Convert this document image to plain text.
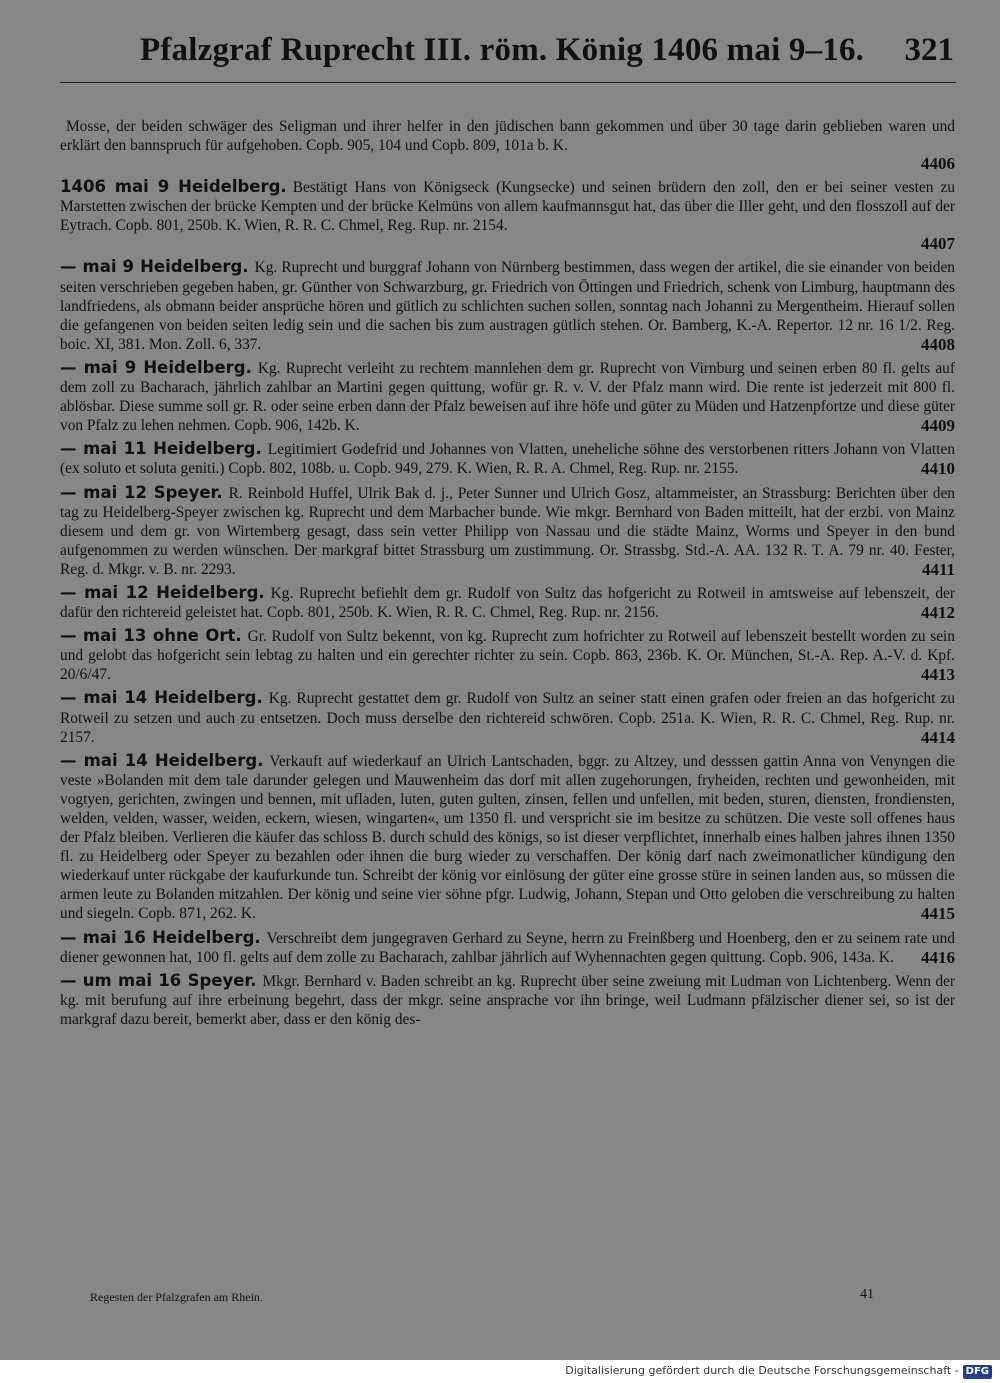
Pfalzgraf Ruprecht III. röm. König 1406 mai 9–16. 321

Mosse, der beiden schwäger des Seligman und ihrer helfer in den jüdischen bann gekommen und über 30 tage darin geblieben waren und erklärt den bannspruch für aufgehoben. Copb. 905, 104 und Copb. 809, 101a b. K.

4406

1406 mai 9 Heidelberg. Bestätigt Hans von Königseck (Kungsecke) und seinen brüdern den zoll, den er bei seiner vesten zu Marstetten zwischen der brücke Kempten und der brücke Kelmüns von allem kaufmannsgut hat, das über die Iller geht, und den flosszoll auf der Eytrach. Copb. 801, 250b. K. Wien, R. R. C. Chmel, Reg. Rup. nr. 2154.

4407

— mai 9 Heidelberg. Kg. Ruprecht und burggraf Johann von Nürnberg bestimmen, dass wegen der artikel, die sie einander von beiden seiten verschrieben gegeben haben, gr. Günther von Schwarzburg, gr. Friedrich von Öttingen und Friedrich, schenk von Limburg, hauptmann des landfriedens, als obmann beider ansprüche hören und gütlich zu schlichten suchen sollen, sonntag nach Johanni zu Mergentheim. Hierauf sollen die gefangenen von beiden seiten ledig sein und die sachen bis zum austragen gütlich stehen. Or. Bamberg, K.-A. Repertor. 12 nr. 16 1/2. Reg. boic. XI, 381. Mon. Zoll. 6, 337.	4408

— mai 9 Heidelberg. Kg. Ruprecht verleiht zu rechtem mannlehen dem gr. Ruprecht von Virnburg und seinen erben 80 fl. gelts auf dem zoll zu Bacharach, jährlich zahlbar an Martini gegen quittung, wofür gr. R. v. V. der Pfalz mann wird. Die rente ist jederzeit mit 800 fl. ablösbar. Diese summe soll gr. R. oder seine erben dann der Pfalz beweisen auf ihre höfe und güter zu Müden und Hatzenpfortze und diese güter von Pfalz zu lehen nehmen. Copb. 906, 142b. K.	4409

— mai 11 Heidelberg. Legitimiert Godefrid und Johannes von Vlatten, uneheliche söhne des verstorbenen ritters Johann von Vlatten (ex soluto et soluta geniti.) Copb. 802, 108b. u. Copb. 949, 279. K. Wien, R. R. A. Chmel, Reg. Rup. nr. 2155.	4410

— mai 12 Speyer. R. Reinbold Huffel, Ulrik Bak d. j., Peter Sunner und Ulrich Gosz, altammeister, an Strassburg: Berichten über den tag zu Heidelberg-Speyer zwischen kg. Ruprecht und dem Marbacher bunde. Wie mkgr. Bernhard von Baden mitteilt, hat der erzbi. von Mainz diesem und dem gr. von Wirtemberg gesagt, dass sein vetter Philipp von Nassau und die städte Mainz, Worms und Speyer in den bund aufgenommen zu werden wünschen. Der markgraf bittet Strassburg um zustimmung. Or. Strassbg. Std.-A. AA. 132 R. T. A. 79 nr. 40. Fester, Reg. d. Mkgr. v. B. nr. 2293.	4411

— mai 12 Heidelberg. Kg. Ruprecht befiehlt dem gr. Rudolf von Sultz das hofgericht zu Rotweil in amtsweise auf lebenszeit, der dafür den richtereid geleistet hat. Copb. 801, 250b. K. Wien, R. R. C. Chmel, Reg. Rup. nr. 2156.	4412

— mai 13 ohne Ort. Gr. Rudolf von Sultz bekennt, von kg. Ruprecht zum hofrichter zu Rotweil auf lebenszeit bestellt worden zu sein und gelobt das hofgericht sein lebtag zu halten und ein gerechter richter zu sein. Copb. 863, 236b. K. Or. München, St.-A. Rep. A.-V. d. Kpf. 20/6/47.	4413

— mai 14 Heidelberg. Kg. Ruprecht gestattet dem gr. Rudolf von Sultz an seiner statt einen grafen oder freien an das hofgericht zu Rotweil zu setzen und auch zu entsetzen. Doch muss derselbe den richtereid schwören. Copb. 251a. K. Wien, R. R. C. Chmel, Reg. Rup. nr. 2157.	4414

— mai 14 Heidelberg. Verkauft auf wiederkauf an Ulrich Lantschaden, bggr. zu Altzey, und desssen gattin Anna von Venyngen die veste »Bolanden mit dem tale darunder gelegen und Mauwenheim das dorf mit allen zugehorungen, fryheiden, rechten und gewonheiden, mit vogtyen, gerichten, zwingen und bennen, mit ufladen, luten, guten gulten, zinsen, fellen und unfellen, mit beden, sturen, diensten, frondiensten, welden, velden, wasser, weiden, eckern, wiesen, wingarten«, um 1350 fl. und verspricht sie im besitze zu schützen. Die veste soll offenes haus der Pfalz bleiben. Verlieren die käufer das schloss B. durch schuld des königs, so ist dieser verpflichtet, innerhalb eines halben jahres ihnen 1350 fl. zu Heidelberg oder Speyer zu bezahlen oder ihnen die burg wieder zu verschaffen. Der könig darf nach zweimonatlicher kündigung den wiederkauf unter rückgabe der kaufurkunde tun. Schreibt der könig vor einlösung der güter eine grosse stüre in seinen landen aus, so müssen die armen leute zu Bolanden mitzahlen. Der könig und seine vier söhne pfgr. Ludwig, Johann, Stepan und Otto geloben die verschreibung zu halten und siegeln. Copb. 871, 262. K.	4415

— mai 16 Heidelberg. Verschreibt dem jungegraven Gerhard zu Seyne, herrn zu Freinßberg und Hoenberg, den er zu seinem rate und diener gewonnen hat, 100 fl. gelts auf dem zolle zu Bacharach, zahlbar jährlich auf Wyhennachten gegen quittung. Copb. 906, 143a. K. 4416

— um mai 16 Speyer. Mkgr. Bernhard v. Baden schreibt an kg. Ruprecht über seine zweiung mit Ludman von Lichtenberg. Wenn der kg. mit berufung auf ihre erbeinung begehrt, dass der mkgr. seine ansprache vor ihn bringe, weil Ludmann pfälzischer diener sei, so ist der markgraf dazu bereit, bemerkt aber, dass er den könig des-

Regesten der Pfalzgrafen am Rhein.	41
Digitalisierung gefördert durch die Deutsche Forschungsgemeinschaft - DFG
